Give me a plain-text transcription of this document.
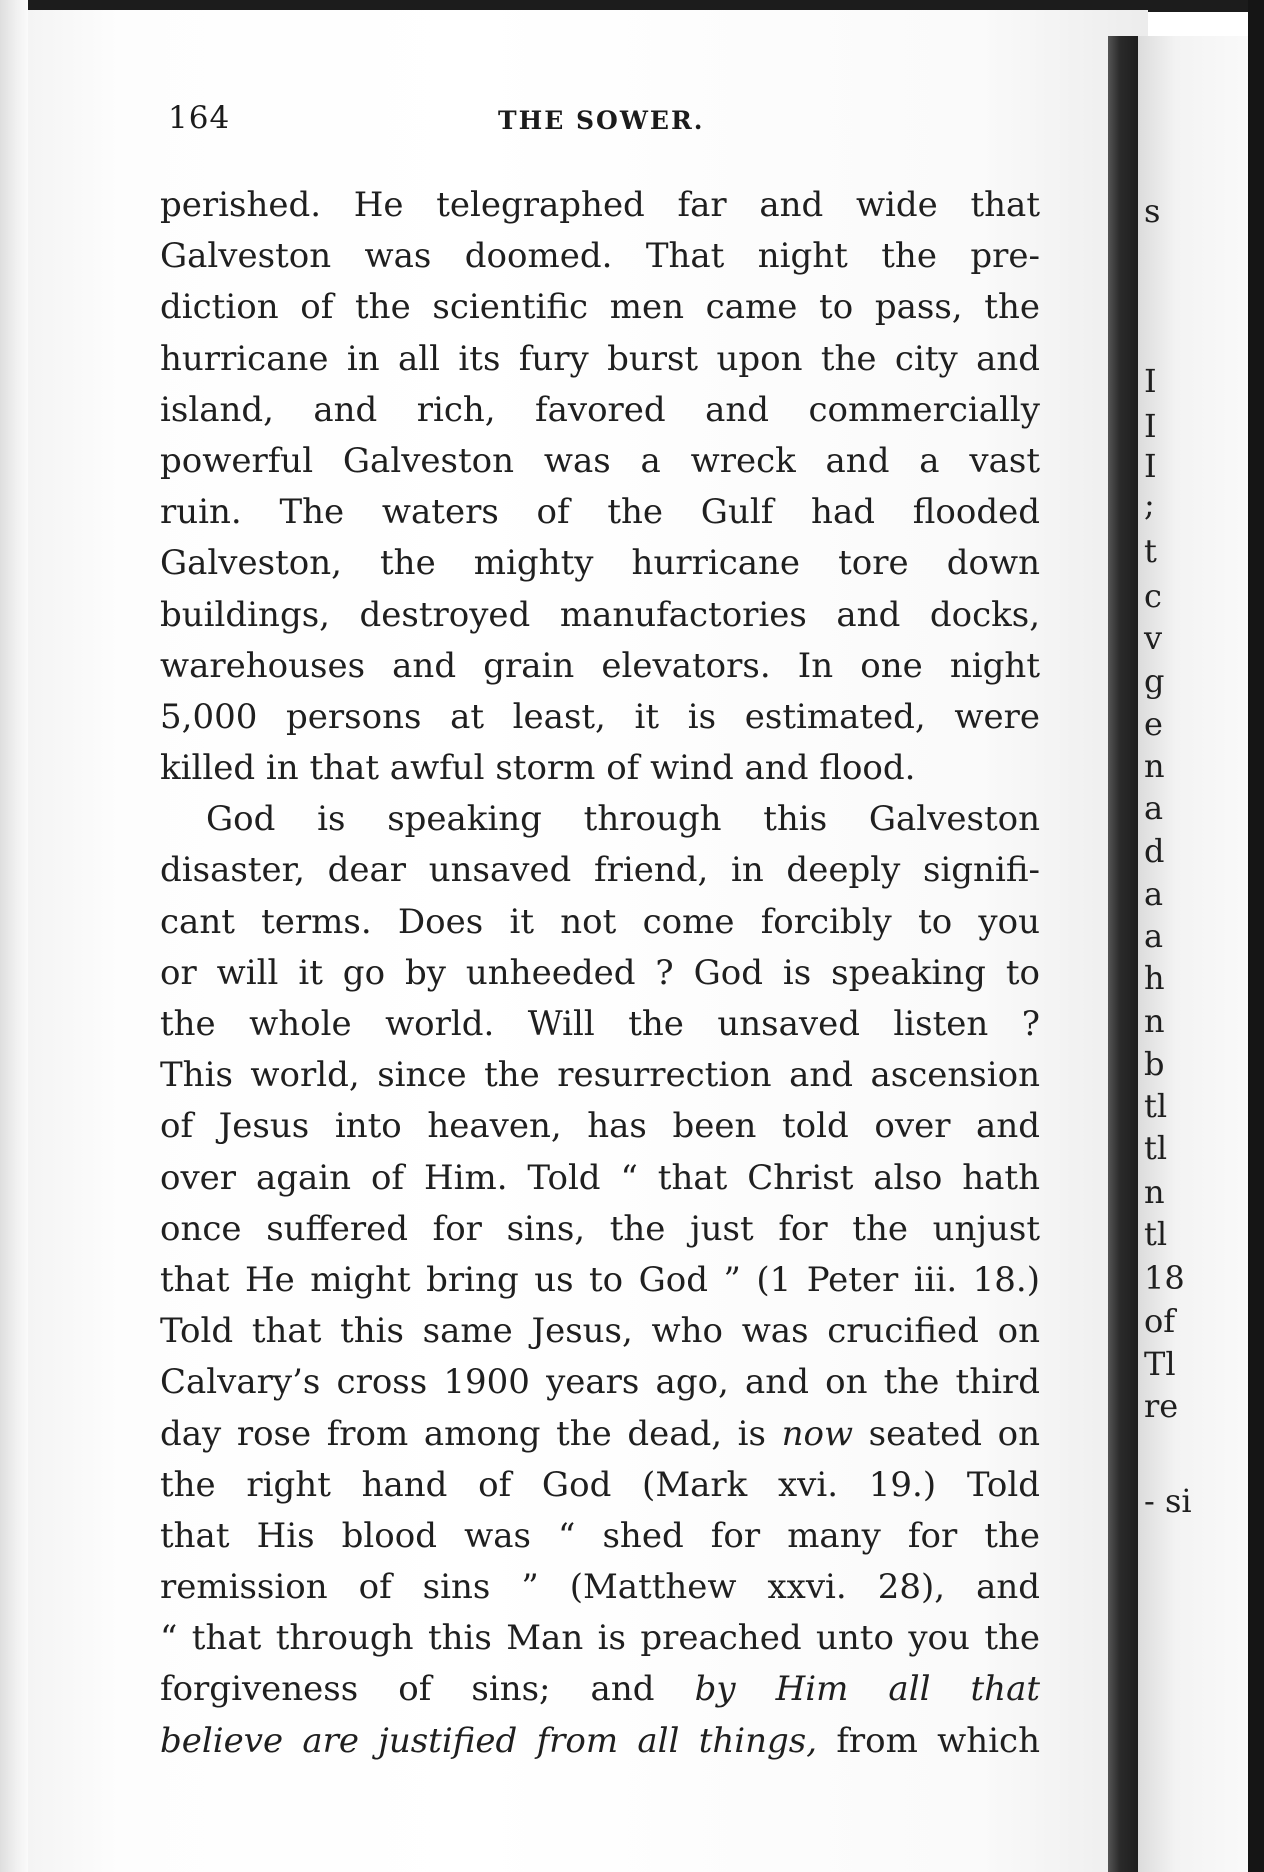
164	THE SOWER.
perished. He telegraphed far and wide that
Galveston was doomed. That night the pre-
diction of the scientific men came to pass, the
hurricane in all its fury burst upon the city and
island, and rich, favored and commercially
powerful Galveston was a wreck and a vast
ruin. The waters of the Gulf had flooded
Galveston, the mighty hurricane tore down
buildings, destroyed manufactories and docks,
warehouses and grain elevators. In one night
5,000 persons at least, it is estimated, were
killed in that awful storm of wind and flood.
God is speaking through this Galveston
disaster, dear unsaved friend, in deeply signifi-
cant terms. Does it not come forcibly to you
or will it go by unheeded ? God is speaking to
the whole world. Will the unsaved listen ?
This world, since the resurrection and ascension
of Jesus into heaven, has been told over and
over again of Him. Told “ that Christ also hath
once suffered for sins, the just for the unjust
that He might bring us to God ” (1 Peter iii. 18.)
Told that this same Jesus, who was crucified on
Calvary’s cross 1900 years ago, and on the third
day rose from among the dead, is now seated on
the right hand of God (Mark xvi. 19.) Told
that His blood was “ shed for many for the
remission of sins ” (Matthew xxvi. 28), and
“ that through this Man is preached unto you the
forgiveness of sins; and by Him all that
believe are justified from all things, from which
s
I
I
I
;
t
c
v
g
e
n
a
d
a
a
h
n
b
tl
tl
n
tl
18
of
Tl
re
- si
